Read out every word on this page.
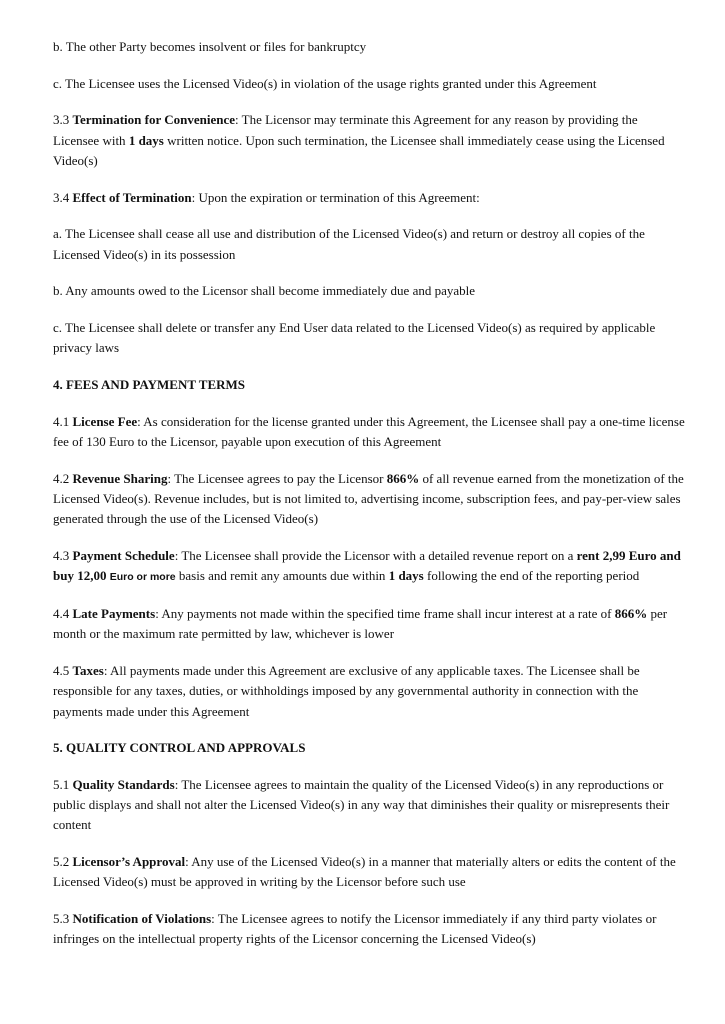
b. The other Party becomes insolvent or files for bankruptcy

c. The Licensee uses the Licensed Video(s) in violation of the usage rights granted under this Agreement

3.3 Termination for Convenience: The Licensor may terminate this Agreement for any reason by providing the Licensee with 1 days written notice. Upon such termination, the Licensee shall immediately cease using the Licensed Video(s)

3.4 Effect of Termination: Upon the expiration or termination of this Agreement:

a. The Licensee shall cease all use and distribution of the Licensed Video(s) and return or destroy all copies of the Licensed Video(s) in its possession

b. Any amounts owed to the Licensor shall become immediately due and payable

c. The Licensee shall delete or transfer any End User data related to the Licensed Video(s) as required by applicable privacy laws

4. FEES AND PAYMENT TERMS

4.1 License Fee: As consideration for the license granted under this Agreement, the Licensee shall pay a one-time license fee of 130 Euro to the Licensor, payable upon execution of this Agreement

4.2 Revenue Sharing: The Licensee agrees to pay the Licensor 866% of all revenue earned from the monetization of the Licensed Video(s). Revenue includes, but is not limited to, advertising income, subscription fees, and pay-per-view sales generated through the use of the Licensed Video(s)

4.3 Payment Schedule: The Licensee shall provide the Licensor with a detailed revenue report on a rent 2,99 Euro and buy 12,00 Euro or more basis and remit any amounts due within 1 days following the end of the reporting period

4.4 Late Payments: Any payments not made within the specified time frame shall incur interest at a rate of 866% per month or the maximum rate permitted by law, whichever is lower

4.5 Taxes: All payments made under this Agreement are exclusive of any applicable taxes. The Licensee shall be responsible for any taxes, duties, or withholdings imposed by any governmental authority in connection with the payments made under this Agreement

5. QUALITY CONTROL AND APPROVALS

5.1 Quality Standards: The Licensee agrees to maintain the quality of the Licensed Video(s) in any reproductions or public displays and shall not alter the Licensed Video(s) in any way that diminishes their quality or misrepresents their content

5.2 Licensor’s Approval: Any use of the Licensed Video(s) in a manner that materially alters or edits the content of the Licensed Video(s) must be approved in writing by the Licensor before such use

5.3 Notification of Violations: The Licensee agrees to notify the Licensor immediately if any third party violates or infringes on the intellectual property rights of the Licensor concerning the Licensed Video(s)
